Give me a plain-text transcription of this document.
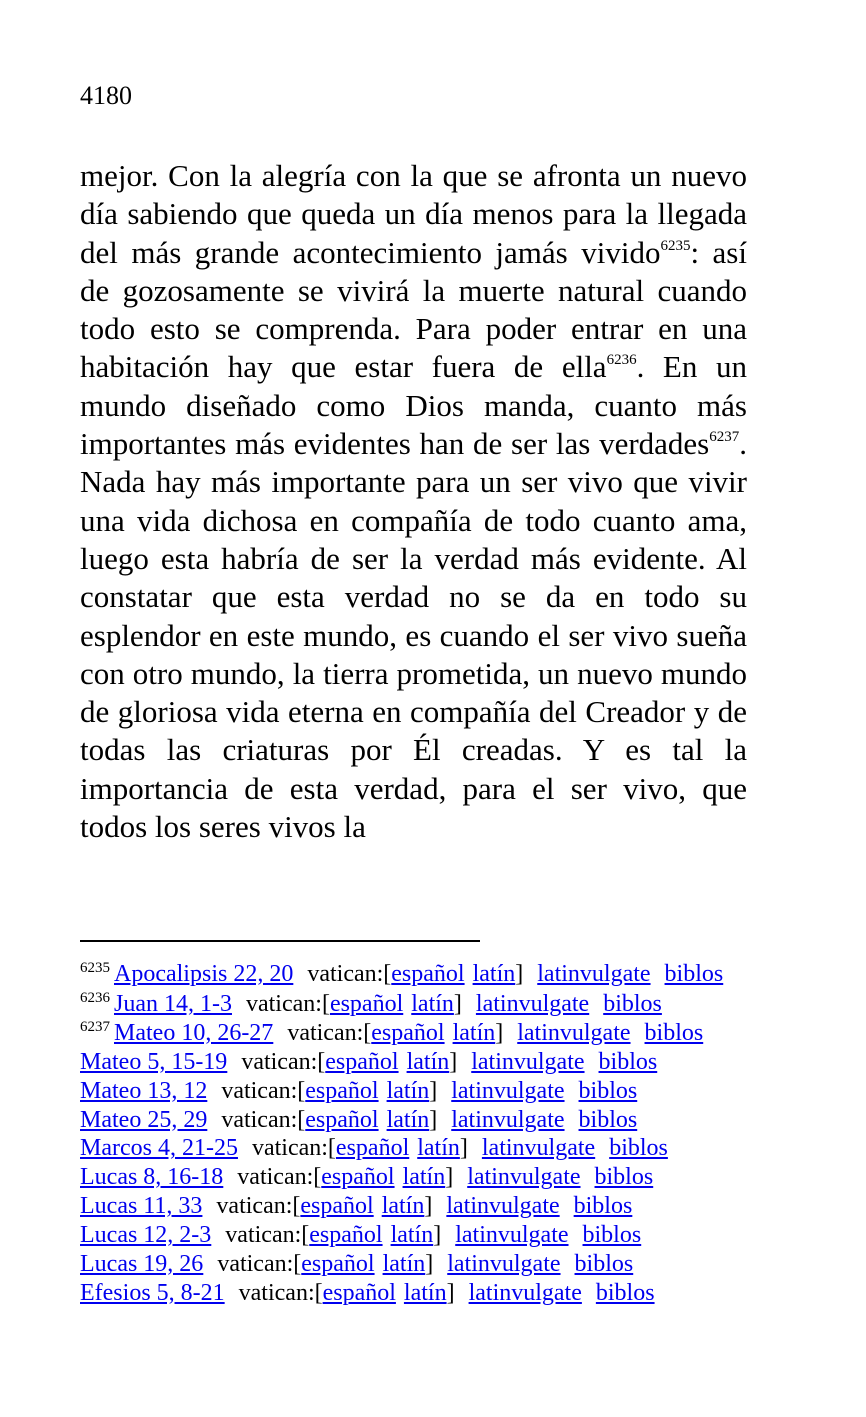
4180
mejor. Con la alegría con la que se afronta un nuevo día sabiendo que queda un día menos para la llegada del más grande acontecimiento jamás vivido$^{6235}$: así de gozosamente se vivirá la muerte natural cuando todo esto se comprenda. Para poder entrar en una habitación hay que estar fuera de ella$^{6236}$. En un mundo diseñado como Dios manda, cuanto más importantes más evidentes han de ser las verdades$^{6237}$. Nada hay más importante para un ser vivo que vivir una vida dichosa en compañía de todo cuanto ama, luego esta habría de ser la verdad más evidente. Al constatar que esta verdad no se da en todo su esplendor en este mundo, es cuando el ser vivo sueña con otro mundo, la tierra prometida, un nuevo mundo de gloriosa vida eterna en compañía del Creador y de todas las criaturas por Él creadas. Y es tal la importancia de esta verdad, para el ser vivo, que todos los seres vivos la
$^{6235}$ Apocalipsis 22, 20 vatican:[español latín] latinvulgate biblos
$^{6236}$ Juan 14, 1-3 vatican:[español latín] latinvulgate biblos
$^{6237}$ Mateo 10, 26-27 vatican:[español latín] latinvulgate biblos
Mateo 5, 15-19 vatican:[español latín] latinvulgate biblos
Mateo 13, 12 vatican:[español latín] latinvulgate biblos
Mateo 25, 29 vatican:[español latín] latinvulgate biblos
Marcos 4, 21-25 vatican:[español latín] latinvulgate biblos
Lucas 8, 16-18 vatican:[español latín] latinvulgate biblos
Lucas 11, 33 vatican:[español latín] latinvulgate biblos
Lucas 12, 2-3 vatican:[español latín] latinvulgate biblos
Lucas 19, 26 vatican:[español latín] latinvulgate biblos
Efesios 5, 8-21 vatican:[español latín] latinvulgate biblos
